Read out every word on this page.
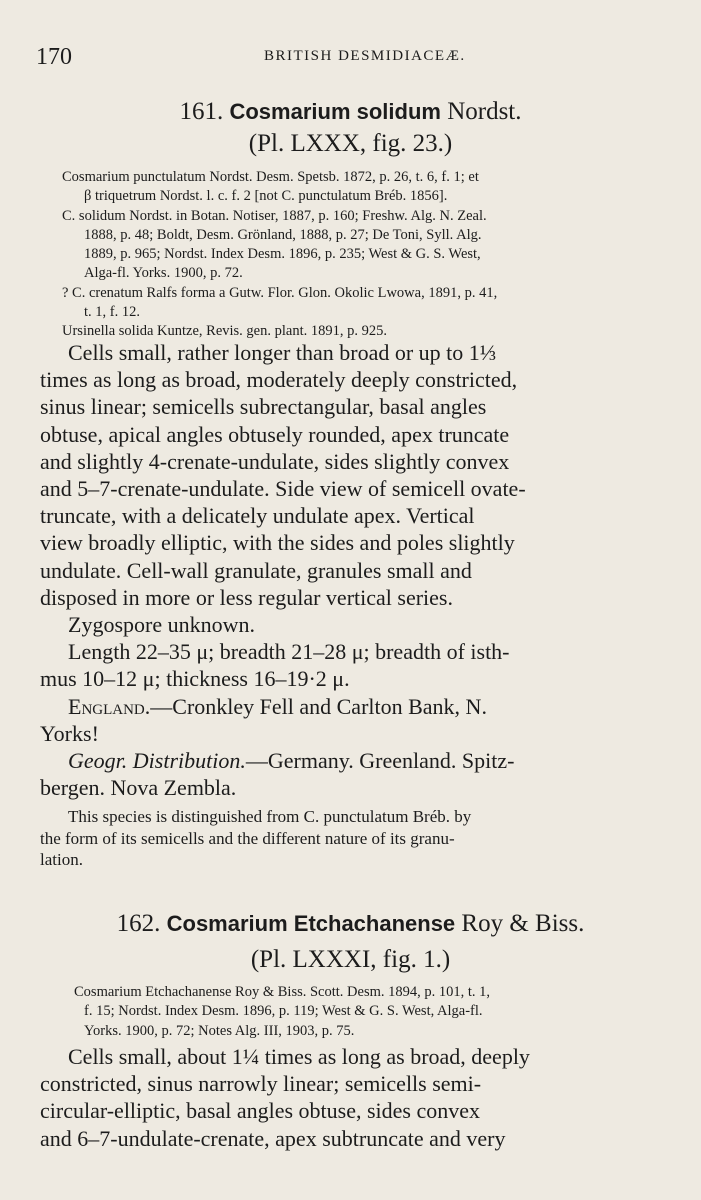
170	BRITISH DESMIDIACEÆ.
161. Cosmarium solidum Nordst.
(Pl. LXXX, fig. 23.)
Cosmarium punctulatum Nordst. Desm. Spetsb. 1872, p. 26, t. 6, f. 1; et
β triquetrum Nordst. l. c. f. 2 [not C. punctulatum Bréb. 1856].
C. solidum Nordst. in Botan. Notiser, 1887, p. 160; Freshw. Alg. N. Zeal.
1888, p. 48; Boldt, Desm. Grönland, 1888, p. 27; De Toni, Syll. Alg.
1889, p. 965; Nordst. Index Desm. 1896, p. 235; West & G. S. West,
Alga-fl. Yorks. 1900, p. 72.
? C. crenatum Ralfs forma a Gutw. Flor. Glon. Okolic Lwowa, 1891, p. 41,
t. 1, f. 12.
Ursinella solida Kuntze, Revis. gen. plant. 1891, p. 925.
Cells small, rather longer than broad or up to 1⅓
times as long as broad, moderately deeply constricted,
sinus linear; semicells subrectangular, basal angles
obtuse, apical angles obtusely rounded, apex truncate
and slightly 4-crenate-undulate, sides slightly convex
and 5–7-crenate-undulate. Side view of semicell ovate-
truncate, with a delicately undulate apex. Vertical
view broadly elliptic, with the sides and poles slightly
undulate. Cell-wall granulate, granules small and
disposed in more or less regular vertical series.
Zygospore unknown.
Length 22–35 μ; breadth 21–28 μ; breadth of isth-
mus 10–12 μ; thickness 16–19·2 μ.
England.—Cronkley Fell and Carlton Bank, N.
Yorks!
Geogr. Distribution.—Germany. Greenland. Spitz-
bergen. Nova Zembla.
This species is distinguished from C. punctulatum Bréb. by
the form of its semicells and the different nature of its granu-
lation.
162. Cosmarium Etchachanense Roy & Biss.
(Pl. LXXXI, fig. 1.)
Cosmarium Etchachanense Roy & Biss. Scott. Desm. 1894, p. 101, t. 1,
f. 15; Nordst. Index Desm. 1896, p. 119; West & G. S. West, Alga-fl.
Yorks. 1900, p. 72; Notes Alg. III, 1903, p. 75.
Cells small, about 1¼ times as long as broad, deeply
constricted, sinus narrowly linear; semicells semi-
circular-elliptic, basal angles obtuse, sides convex
and 6–7-undulate-crenate, apex subtruncate and very
